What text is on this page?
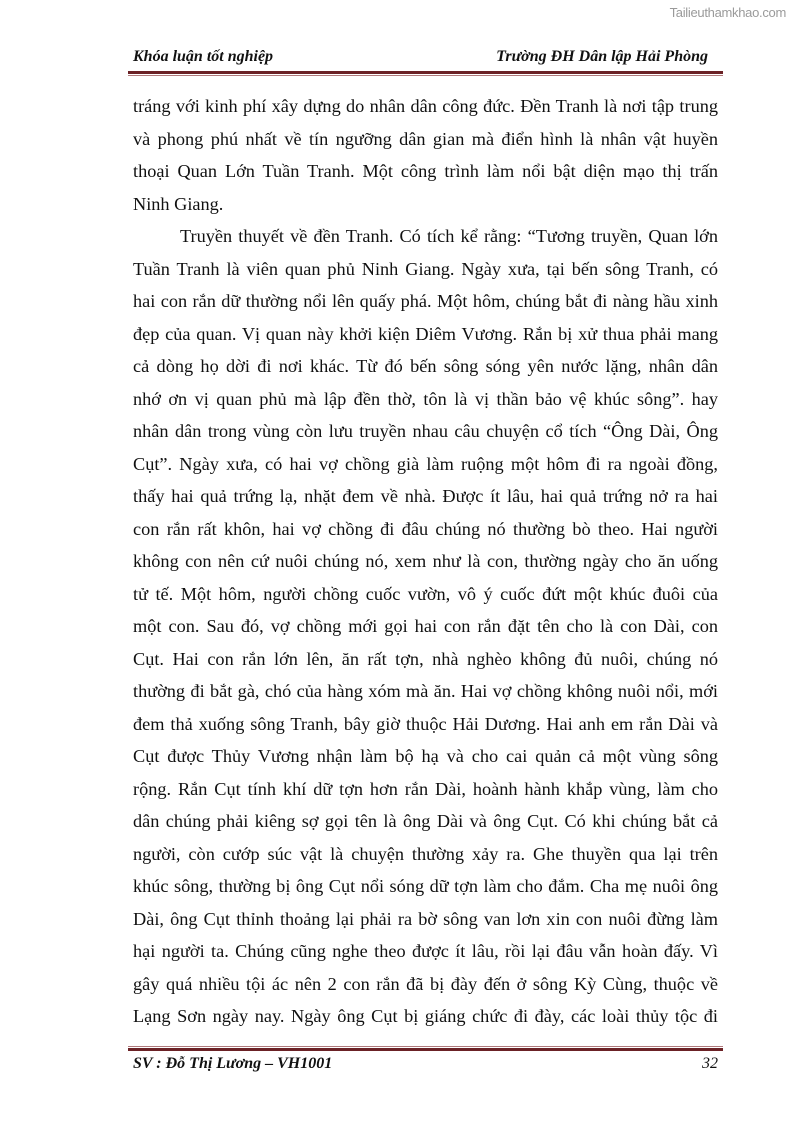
Tailieuthamkhao.com
Khóa luận tốt nghiệp	Trường ĐH Dân lập Hải Phòng
tráng với kinh phí xây dựng do nhân dân công đức. Đền Tranh là nơi tập trung
và phong phú nhất về tín ngưỡng dân gian mà điển hình là nhân vật huyền
thoại Quan Lớn Tuần Tranh. Một công trình làm nổi bật diện mạo thị trấn
Ninh Giang.
Truyền thuyết về đền Tranh. Có tích kể rằng: “Tương truyền, Quan lớn
Tuần Tranh là viên quan phủ Ninh Giang. Ngày xưa, tại bến sông Tranh, có
hai con rắn dữ thường nổi lên quấy phá. Một hôm, chúng bắt đi nàng hầu xinh
đẹp của quan. Vị quan này khởi kiện Diêm Vương. Rắn bị xử thua phải mang
cả dòng họ dời đi nơi khác. Từ đó bến sông sóng yên nước lặng, nhân dân
nhớ ơn vị quan phủ mà lập đền thờ, tôn là vị thần bảo vệ khúc sông”. hay
nhân dân trong vùng còn lưu truyền nhau câu chuyện cổ tích “Ông Dài, Ông
Cụt”. Ngày xưa, có hai vợ chồng già làm ruộng một hôm đi ra ngoài đồng,
thấy hai quả trứng lạ, nhặt đem về nhà. Được ít lâu, hai quả trứng nở ra hai
con rắn rất khôn, hai vợ chồng đi đâu chúng nó thường bò theo. Hai người
không con nên cứ nuôi chúng nó, xem như là con, thường ngày cho ăn uống
tử tế. Một hôm, người chồng cuốc vườn, vô ý cuốc đứt một khúc đuôi của
một con. Sau đó, vợ chồng mới gọi hai con rắn đặt tên cho là con Dài, con
Cụt. Hai con rắn lớn lên, ăn rất tợn, nhà nghèo không đủ nuôi, chúng nó
thường đi bắt gà, chó của hàng xóm mà ăn. Hai vợ chồng không nuôi nổi, mới
đem thả xuống sông Tranh, bây giờ thuộc Hải Dương. Hai anh em rắn Dài và
Cụt được Thủy Vương nhận làm bộ hạ và cho cai quản cả một vùng sông
rộng. Rắn Cụt tính khí dữ tợn hơn rắn Dài, hoành hành khắp vùng, làm cho
dân chúng phải kiêng sợ gọi tên là ông Dài và ông Cụt. Có khi chúng bắt cả
người, còn cướp súc vật là chuyện thường xảy ra. Ghe thuyền qua lại trên
khúc sông, thường bị ông Cụt nổi sóng dữ tợn làm cho đắm. Cha mẹ nuôi ông
Dài, ông Cụt thỉnh thoảng lại phải ra bờ sông van lơn xin con nuôi đừng làm
hại người ta. Chúng cũng nghe theo được ít lâu, rồi lại đâu vẫn hoàn đấy. Vì
gây quá nhiều tội ác nên 2 con rắn đã bị đày đến ở sông Kỳ Cùng, thuộc về
Lạng Sơn ngày nay. Ngày ông Cụt bị giáng chức đi đày, các loài thủy tộc đi
SV : Đỗ Thị Lương – VH1001	32
